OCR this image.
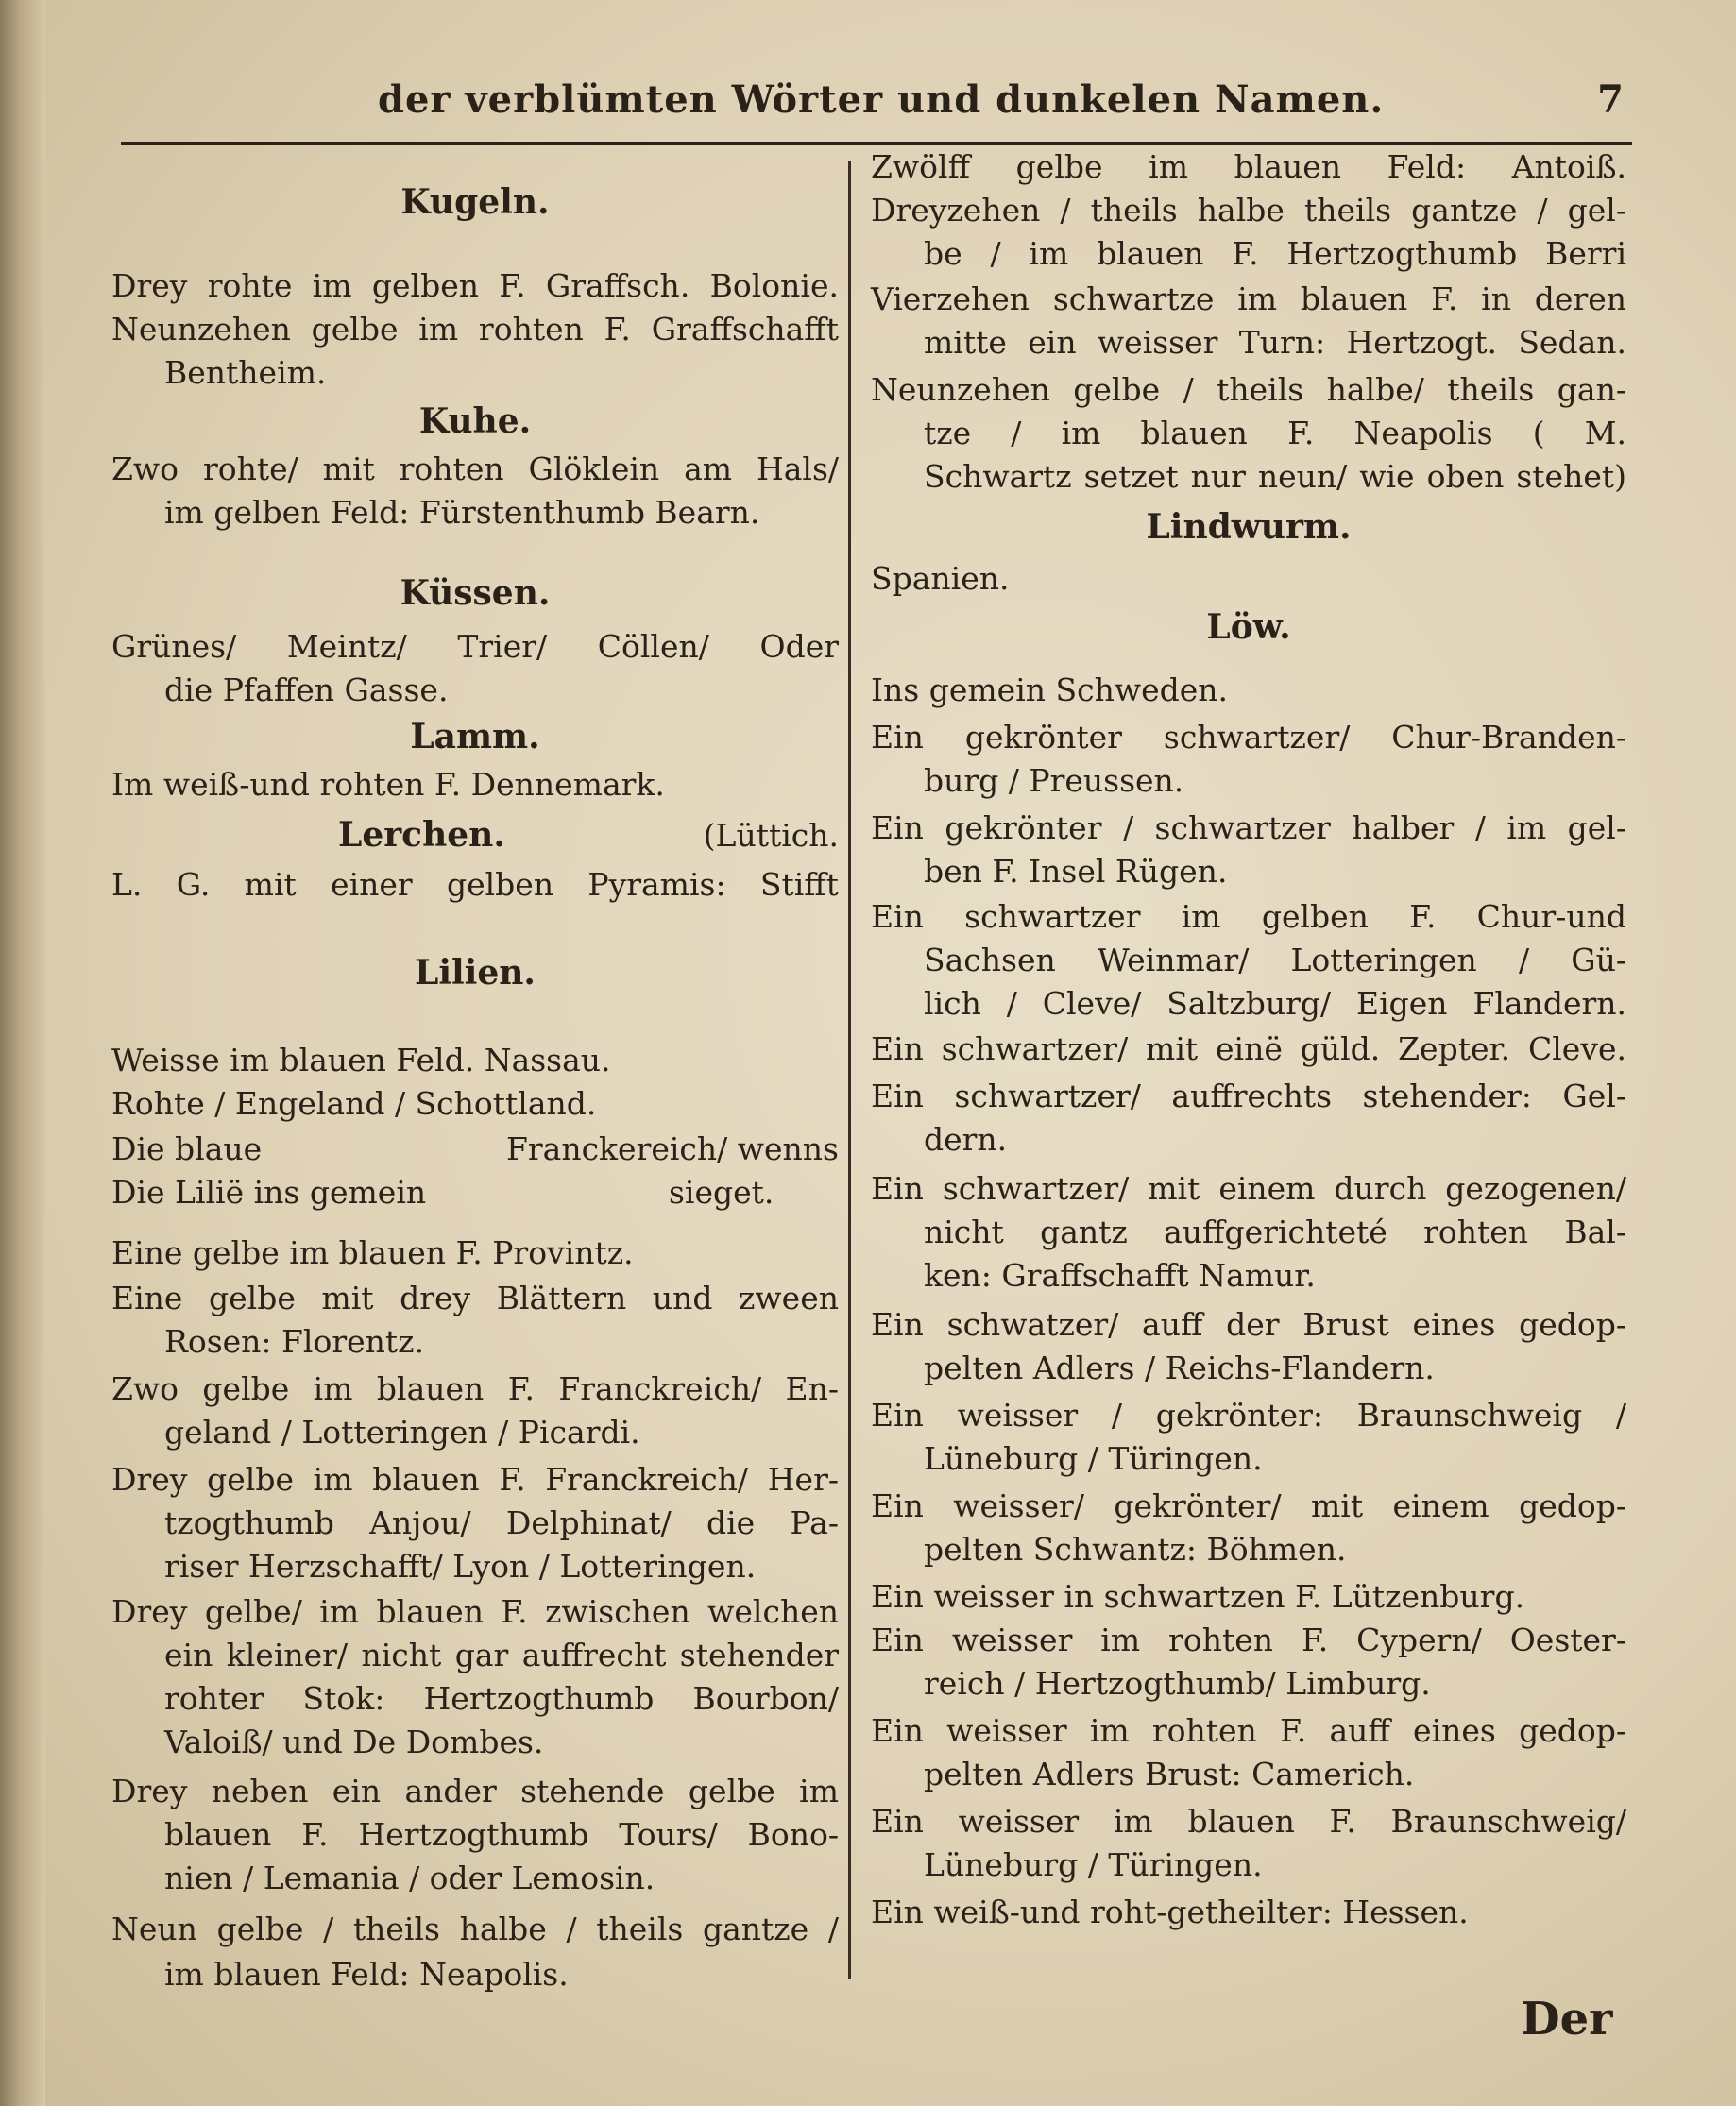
der verblümten Wörter und dunkelen Namen.	7
Kugeln.
Drey rohte im gelben F. Graffsch. Bolonie.
Neunzehen gelbe im rohten F. Graffschafft
Bentheim.
Kuhe.
Zwo rohte/ mit rohten Glöklein am Hals/
im gelben Feld: Fürstenthumb Bearn.
Küssen.
Grünes/ Meintz/ Trier/ Cöllen/ Oder
die Pfaffen Gasse.
Lamm.
Im weiß-und rohten F. Dennemark.
Lerchen.	(Lüttich.
L. G. mit einer gelben Pyramis: Stifft
Lilien.
Weisse im blauen Feld. Nassau.
Rohte / Engeland / Schottland.
Die blaue	Franckereich/ wenns
Die Lilië ins gemein	sieget.
Eine gelbe im blauen F. Provintz.
Eine gelbe mit drey Blättern und zween
Rosen: Florentz.
Zwo gelbe im blauen F. Franckreich/ En-
geland / Lotteringen / Picardi.
Drey gelbe im blauen F. Franckreich/ Her-
tzogthumb Anjou/ Delphinat/ die Pa-
riser Herzschafft/ Lyon / Lotteringen.
Drey gelbe/ im blauen F. zwischen welchen
ein kleiner/ nicht gar auffrecht stehender
rohter Stok: Hertzogthumb Bourbon/
Valoiß/ und De Dombes.
Drey neben ein ander stehende gelbe im
blauen F. Hertzogthumb Tours/ Bono-
nien / Lemania / oder Lemosin.
Neun gelbe / theils halbe / theils gantze /
im blauen Feld: Neapolis.
Zwölff gelbe im blauen Feld: Antoiß.
Dreyzehen / theils halbe theils gantze / gel-
be / im blauen F. Hertzogthumb Berri
Vierzehen schwartze im blauen F. in deren
mitte ein weisser Turn: Hertzogt. Sedan.
Neunzehen gelbe / theils halbe/ theils gan-
tze / im blauen F. Neapolis ( M.
Schwartz setzet nur neun/ wie oben stehet)
Lindwurm.
Spanien.
Löw.
Ins gemein Schweden.
Ein gekrönter schwartzer/ Chur-Branden-
burg / Preussen.
Ein gekrönter / schwartzer halber / im gel-
ben F. Insel Rügen.
Ein schwartzer im gelben F. Chur-und
Sachsen Weinmar/ Lotteringen / Gü-
lich / Cleve/ Saltzburg/ Eigen Flandern.
Ein schwartzer/ mit einë güld. Zepter. Cleve.
Ein schwartzer/ auffrechts stehender: Gel-
dern.
Ein schwartzer/ mit einem durch gezogenen/
nicht gantz auffgerichteté rohten Bal-
ken: Graffschafft Namur.
Ein schwatzer/ auff der Brust eines gedop-
pelten Adlers / Reichs-Flandern.
Ein weisser / gekrönter: Braunschweig /
Lüneburg / Türingen.
Ein weisser/ gekrönter/ mit einem gedop-
pelten Schwantz: Böhmen.
Ein weisser in schwartzen F. Lützenburg.
Ein weisser im rohten F. Cypern/ Oester-
reich / Hertzogthumb/ Limburg.
Ein weisser im rohten F. auff eines gedop-
pelten Adlers Brust: Camerich.
Ein weisser im blauen F. Braunschweig/
Lüneburg / Türingen.
Ein weiß-und roht-getheilter: Hessen.
Der
